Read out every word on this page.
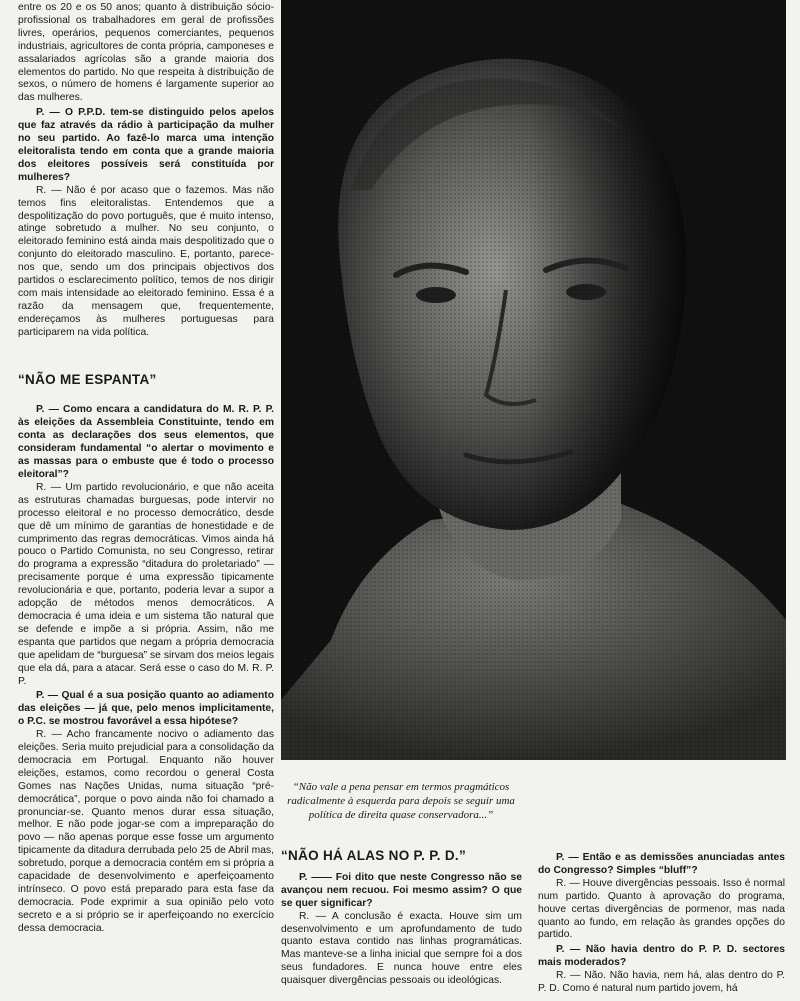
entre os 20 e os 50 anos; quanto à distribuição sócio-profissional os trabalhadores em geral de profissões livres, operários, pequenos comerciantes, pequenos industriais, agricultores de conta própria, camponeses e assalariados agrícolas são a grande maioria dos elementos do partido. No que respeita à distribuição de sexos, o número de homens é largamente superior ao das mulheres.

P. — O P.P.D. tem-se distinguido pelos apelos que faz através da rádio à participação da mulher no seu partido. Ao fazê-lo marca uma intenção eleitoralista tendo em conta que a grande maioria dos eleitores possíveis será constituída por mulheres?

R. — Não é por acaso que o fazemos. Mas não temos fins eleitoralistas. Entendemos que a despolitização do povo português, que é muito intenso, atinge sobretudo a mulher. No seu conjunto, o eleitorado feminino está ainda mais despolitizado que o conjunto do eleitorado masculino. E, portanto, parece-nos que, sendo um dos principais objectivos dos partidos o esclarecimento político, temos de nos dirigir com mais intensidade ao eleitorado feminino. Essa é a razão da mensagem que, frequentemente, endereçamos às mulheres portuguesas para participarem na vida política.

“NÃO ME ESPANTA”

P. — Como encara a candidatura do M. R. P. P. às eleições da Assembleia Constituinte, tendo em conta as declarações dos seus elementos, que consideram fundamental “o alertar o movimento e as massas para o embuste que é todo o processo eleitoral”?

R. — Um partido revolucionário, e que não aceita as estruturas chamadas burguesas, pode intervir no processo eleitoral e no processo democrático, desde que dê um mínimo de garantias de honestidade e de cumprimento das regras democráticas. Vimos ainda há pouco o Partido Comunista, no seu Congresso, retirar do programa a expressão “ditadura do proletariado” — precisamente porque é uma expressão tipicamente revolucionária e que, portanto, poderia levar a supor a adopção de métodos menos democráticos. A democracia é uma ideia e um sistema tão natural que se defende e impõe a si própria. Assim, não me espanta que partidos que negam a própria democracia que apelidam de “burguesa” se sirvam dos meios legais que ela dá, para a atacar. Será esse o caso do M. R. P. P.

P. — Qual é a sua posição quanto ao adiamento das eleições — já que, pelo menos implicitamente, o P.C. se mostrou favorável a essa hipótese?

R. — Acho francamente nocivo o adiamento das eleições. Seria muito prejudicial para a consolidação da democracia em Portugal. Enquanto não houver eleições, estamos, como recordou o general Costa Gomes nas Nações Unidas, numa situação “pré-democrática”, porque o povo ainda não foi chamado a pronunciar-se. Quanto menos durar essa situação, melhor. E não pode jogar-se com a impreparação do povo — não apenas porque esse fosse um argumento tipicamente da ditadura derrubada pelo 25 de Abril mas, sobretudo, porque a democracia contém em si própria a capacidade de desenvolvimento e aperfeiçoamento intrínseco. O povo está preparado para esta fase da democracia. Pode exprimir a sua opinião pelo voto secreto e a si próprio se ir aperfeiçoando no exercício dessa democracia.

“Não vale a pena pensar em termos pragmáticos radicalmente à esquerda para depois se seguir uma política de direita quase conservadora...”

“NÃO HÁ ALAS NO P. P. D.”

P. —— Foi dito que neste Congresso não se avançou nem recuou. Foi mesmo assim? O que se quer significar?

R. — A conclusão é exacta. Houve sim um desenvolvimento e um aprofundamento de tudo quanto estava contido nas linhas programáticas. Mas manteve-se a linha inicial que sempre foi a dos seus fundadores. E nunca houve entre eles quaisquer divergências pessoais ou ideológicas.

P. — Então e as demissões anunciadas antes do Congresso? Simples “bluff”?

R. — Houve divergências pessoais. Isso é normal num partido. Quanto à aprovação do programa, houve certas divergências de pormenor, mas nada quanto ao fundo, em relação às grandes opções do partido.

P. — Não havia dentro do P. P. D. sectores mais moderados?

R. — Não. Não havia, nem há, alas dentro do P. P. D. Como é natural num partido jovem, há
